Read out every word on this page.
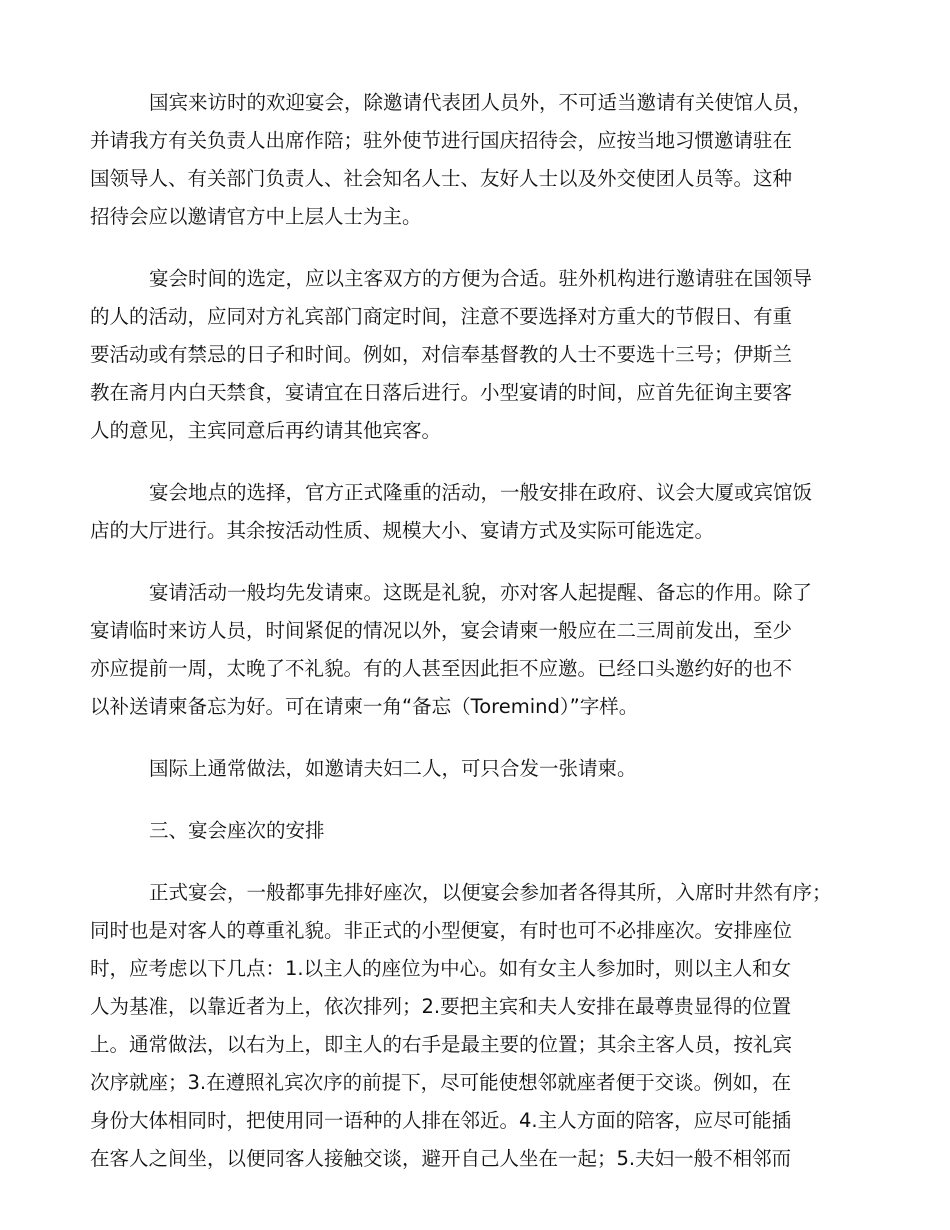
国宾来访时的欢迎宴会，除邀请代表团人员外，不可适当邀请有关使馆人员，
并请我方有关负责人出席作陪；驻外使节进行国庆招待会，应按当地习惯邀请驻在
国领导人、有关部门负责人、社会知名人士、友好人士以及外交使团人员等。这种
招待会应以邀请官方中上层人士为主。
宴会时间的选定，应以主客双方的方便为合适。驻外机构进行邀请驻在国领导
的人的活动，应同对方礼宾部门商定时间，注意不要选择对方重大的节假日、有重
要活动或有禁忌的日子和时间。例如，对信奉基督教的人士不要选十三号；伊斯兰
教在斋月内白天禁食，宴请宜在日落后进行。小型宴请的时间，应首先征询主要客
人的意见，主宾同意后再约请其他宾客。
宴会地点的选择，官方正式隆重的活动，一般安排在政府、议会大厦或宾馆饭
店的大厅进行。其余按活动性质、规模大小、宴请方式及实际可能选定。
宴请活动一般均先发请柬。这既是礼貌，亦对客人起提醒、备忘的作用。除了
宴请临时来访人员，时间紧促的情况以外，宴会请柬一般应在二三周前发出，至少
亦应提前一周，太晚了不礼貌。有的人甚至因此拒不应邀。已经口头邀约好的也不
以补送请柬备忘为好。可在请柬一角“备忘（Toremind）”字样。
国际上通常做法，如邀请夫妇二人，可只合发一张请柬。
三、宴会座次的安排
正式宴会，一般都事先排好座次，以便宴会参加者各得其所，入席时井然有序；
同时也是对客人的尊重礼貌。非正式的小型便宴，有时也可不必排座次。安排座位
时，应考虑以下几点：1.以主人的座位为中心。如有女主人参加时，则以主人和女
人为基准，以靠近者为上，依次排列；2.要把主宾和夫人安排在最尊贵显得的位置
上。通常做法，以右为上，即主人的右手是最主要的位置；其余主客人员，按礼宾
次序就座；3.在遵照礼宾次序的前提下，尽可能使想邻就座者便于交谈。例如，在
身份大体相同时，把使用同一语种的人排在邻近。4.主人方面的陪客，应尽可能插
在客人之间坐，以便同客人接触交谈，避开自己人坐在一起；5.夫妇一般不相邻而
